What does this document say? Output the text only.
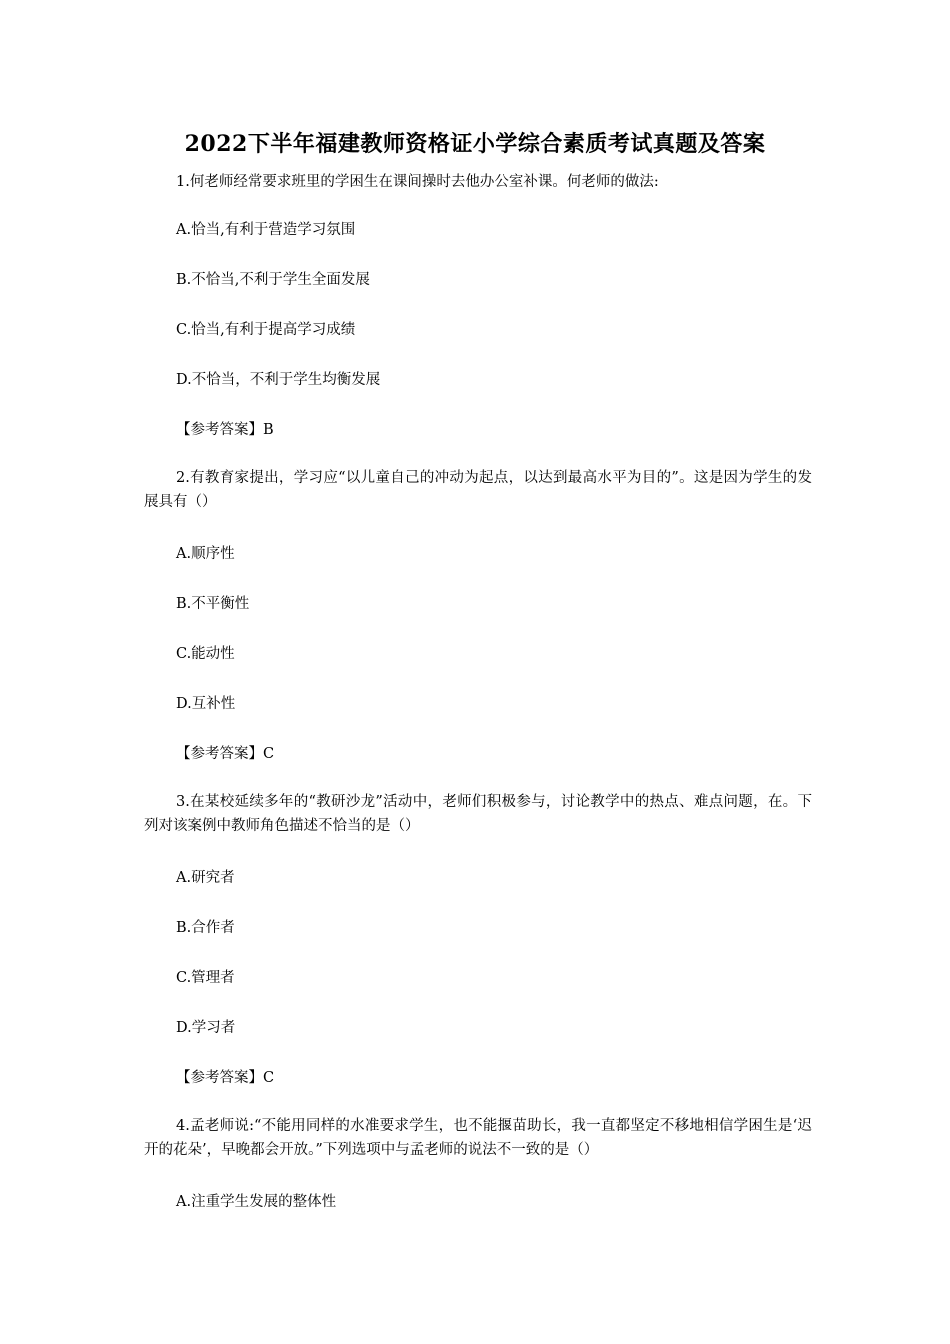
2022下半年福建教师资格证小学综合素质考试真题及答案

1.何老师经常要求班里的学困生在课间操时去他办公室补课。何老师的做法:

A.恰当,有利于营造学习氛围

B.不恰当,不利于学生全面发展

C.恰当,有利于提高学习成绩

D.不恰当，不利于学生均衡发展

【参考答案】B

2.有教育家提出，学习应“以儿童自己的冲动为起点，以达到最高水平为目的”。这是因为学生的发展具有（）

A.顺序性

B.不平衡性

C.能动性

D.互补性

【参考答案】C

3.在某校延续多年的“教研沙龙”活动中，老师们积极参与，讨论教学中的热点、难点问题，在。下列对该案例中教师角色描述不恰当的是（）

A.研究者

B.合作者

C.管理者

D.学习者

【参考答案】C

4.孟老师说:“不能用同样的水准要求学生，也不能揠苗助长，我一直都坚定不移地相信学困生是‘迟开的花朵’，早晚都会开放。”下列选项中与孟老师的说法不一致的是（）

A.注重学生发展的整体性
